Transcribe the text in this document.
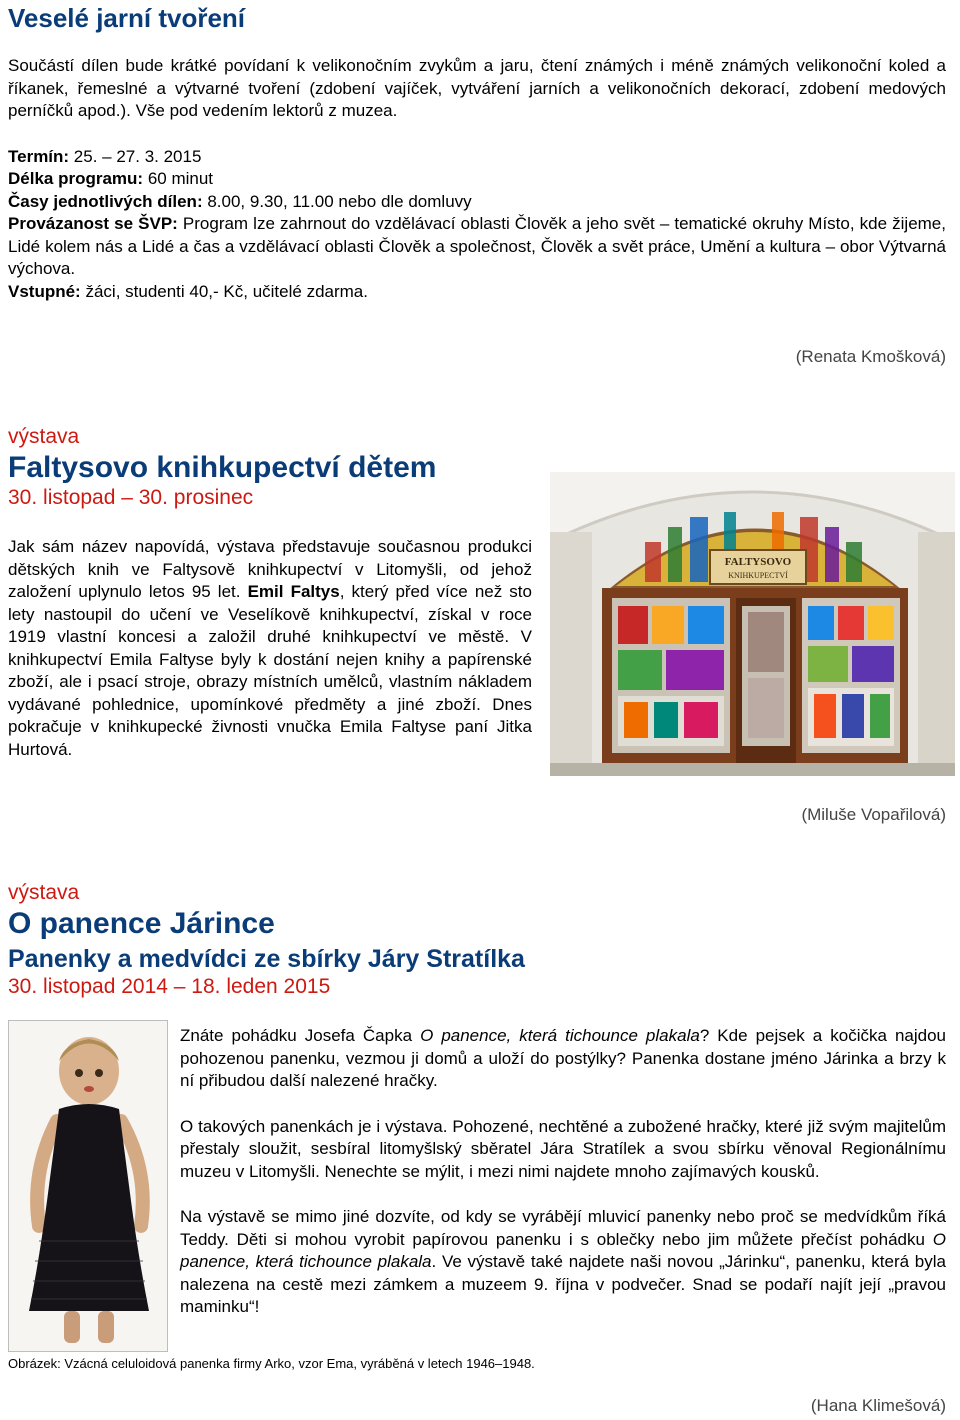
Veselé jarní tvoření

Součástí dílen bude krátké povídaní k velikonočním zvykům a jaru, čtení známých i méně známých velikonoční koled a říkanek, řemeslné a výtvarné tvoření (zdobení vajíček, vytváření jarních a velikonočních dekorací, zdobení medových perníčků apod.). Vše pod vedením lektorů z muzea.

Termín: 25. – 27. 3. 2015

Délka programu: 60 minut

Časy jednotlivých dílen: 8.00, 9.30, 11.00 nebo dle domluvy

Provázanost se ŠVP: Program lze zahrnout do vzdělávací oblasti Člověk a jeho svět – tematické okruhy Místo, kde žijeme, Lidé kolem nás a Lidé a čas a vzdělávací oblasti Člověk a společnost, Člověk a svět práce, Umění a kultura – obor Výtvarná výchova.

Vstupné: žáci, studenti 40,- Kč, učitelé zdarma.

(Renata Kmošková)
výstava
Faltysovo knihkupectví dětem
30. listopad – 30. prosinec

Jak sám název napovídá, výstava představuje současnou produkci dětských knih ve Faltysově knihkupectví v Litomyšli, od jehož založení uplynulo letos 95 let. Emil Faltys, který před více než sto lety nastoupil do učení ve Veselíkově knihkupectví, získal v roce 1919 vlastní koncesi a založil druhé knihkupectví ve městě. V knihkupectví Emila Faltyse byly k dostání nejen knihy a papírenské zboží, ale i psací stroje, obrazy místních umělců, vlastním nákladem vydávané pohlednice, upomínkové předměty a jiné zboží. Dnes pokračuje v knihkupecké živnosti vnučka Emila Faltyse paní Jitka Hurtová.

FALTYSOVO
KNIHKUPECTVÍ
(Miluše Vopařilová)
výstava
O panence Járince
Panenky a medvídci ze sbírky Járy Stratílka
30. listopad 2014 – 18. leden 2015

Znáte pohádku Josefa Čapka O panence, která tichounce plakala? Kde pejsek a kočička najdou pohozenou panenku, vezmou ji domů a uloží do postýlky? Panenka dostane jméno Járinka a brzy k ní přibudou další nalezené hračky.

O takových panenkách je i výstava. Pohozené, nechtěné a zubožené hračky, které již svým majitelům přestaly sloužit, sesbíral litomyšlský sběratel Jára Stratílek a svou sbírku věnoval Regionálnímu muzeu v Litomyšli. Nenechte se mýlit, i mezi nimi najdete mnoho zajímavých kousků.

Na výstavě se mimo jiné dozvíte, od kdy se vyrábějí mluvicí panenky nebo proč se medvídkům říká Teddy. Děti si mohou vyrobit papírovou panenku i s oblečky nebo jim můžete přečíst pohádku O panence, která tichounce plakala. Ve výstavě také najdete naši novou „Járinku“, panenku, která byla nalezena na cestě mezi zámkem a muzeem 9. října v podvečer. Snad se podaří najít její „pravou maminku“!

Obrázek: Vzácná celuloidová panenka firmy Arko, vzor Ema, vyráběná v letech 1946–1948.
(Hana Klimešová)
